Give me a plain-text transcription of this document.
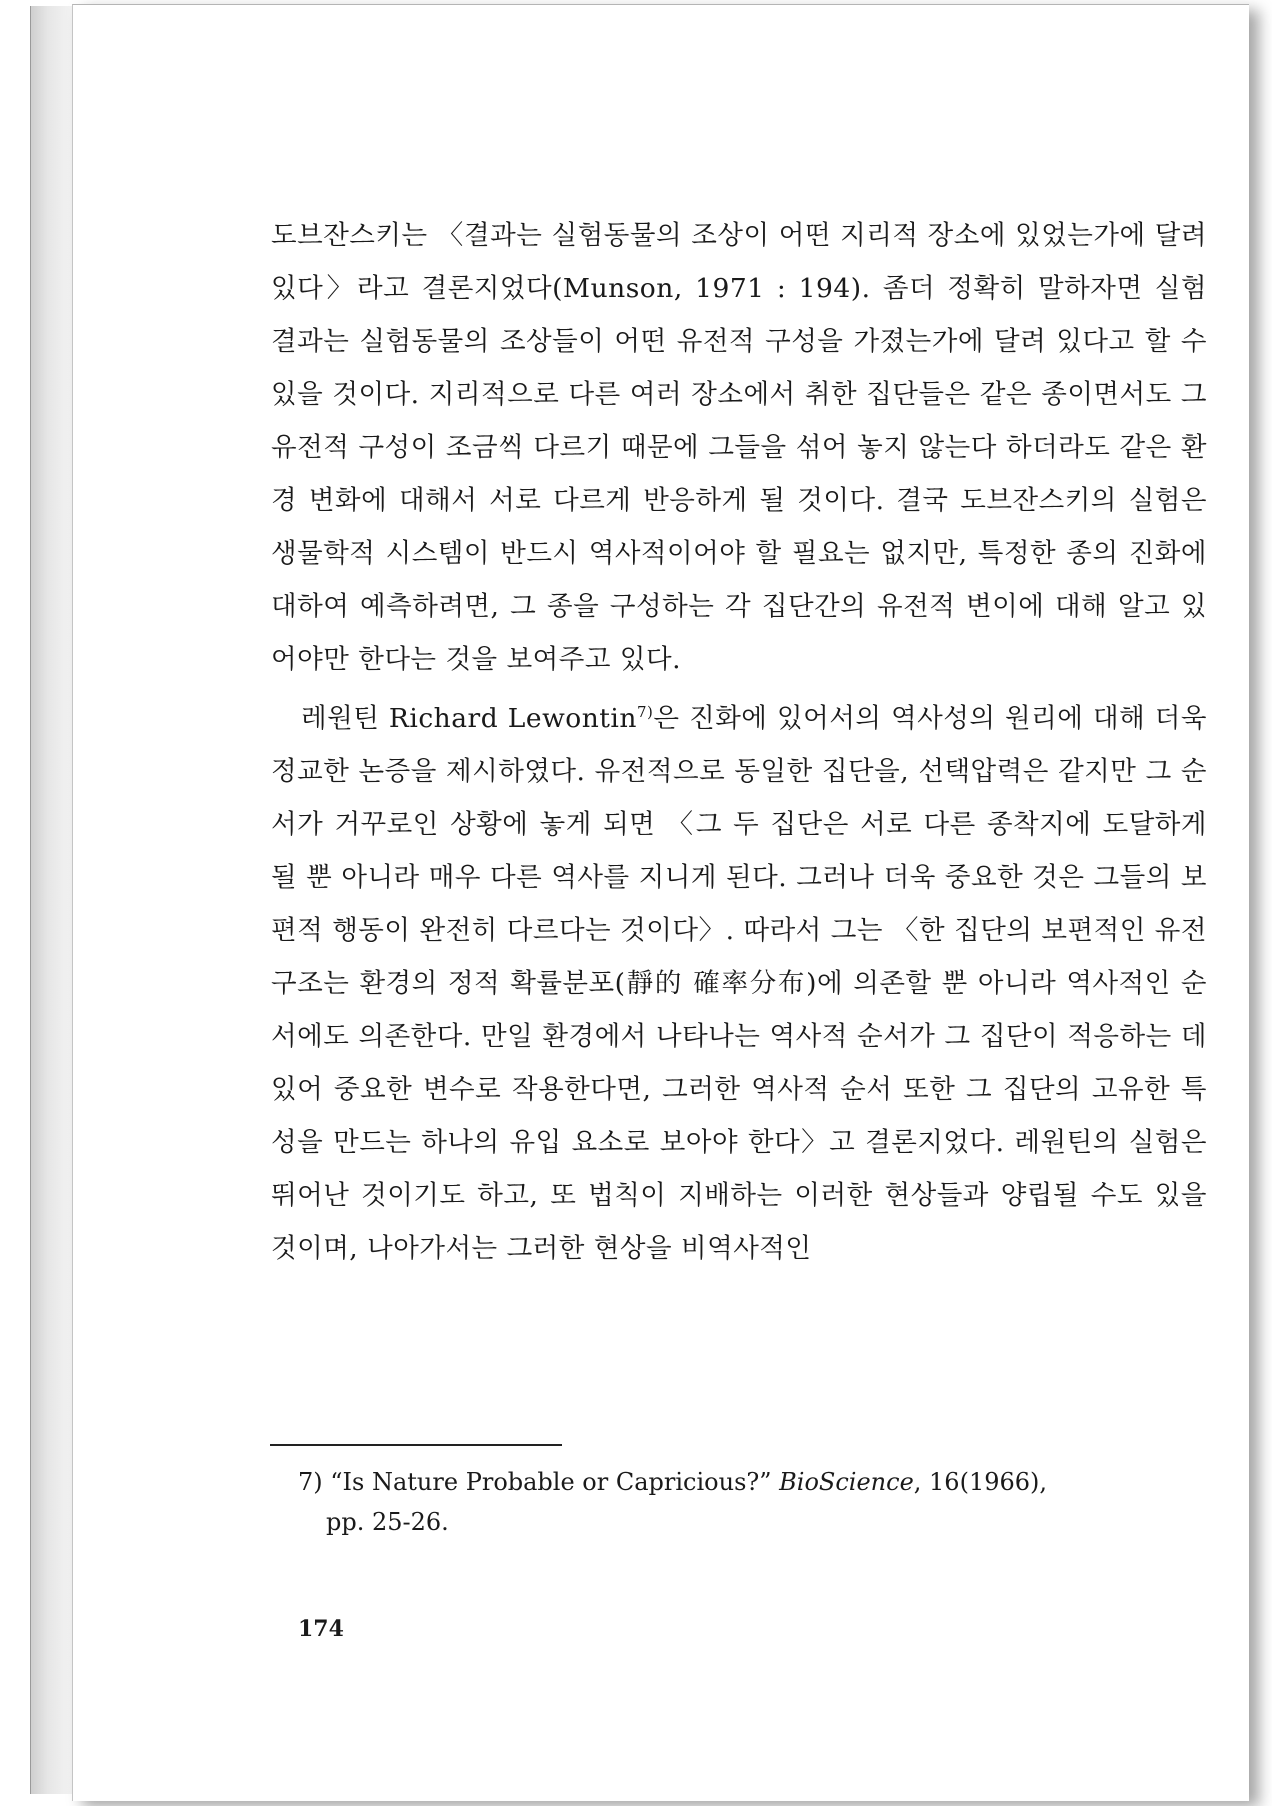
도브잔스키는 〈결과는 실험동물의 조상이 어떤 지리적 장소에 있었는가에 달려 있다〉라고 결론지었다(Munson, 1971 : 194). 좀더 정확히 말하자면 실험 결과는 실험동물의 조상들이 어떤 유전적 구성을 가졌는가에 달려 있다고 할 수 있을 것이다. 지리적으로 다른 여러 장소에서 취한 집단들은 같은 종이면서도 그 유전적 구성이 조금씩 다르기 때문에 그들을 섞어 놓지 않는다 하더라도 같은 환경 변화에 대해서 서로 다르게 반응하게 될 것이다. 결국 도브잔스키의 실험은 생물학적 시스템이 반드시 역사적이어야 할 필요는 없지만, 특정한 종의 진화에 대하여 예측하려면, 그 종을 구성하는 각 집단간의 유전적 변이에 대해 알고 있어야만 한다는 것을 보여주고 있다.

레원틴 Richard Lewontin$^{7)}$은 진화에 있어서의 역사성의 원리에 대해 더욱 정교한 논증을 제시하였다. 유전적으로 동일한 집단을, 선택압력은 같지만 그 순서가 거꾸로인 상황에 놓게 되면 〈그 두 집단은 서로 다른 종착지에 도달하게 될 뿐 아니라 매우 다른 역사를 지니게 된다. 그러나 더욱 중요한 것은 그들의 보편적 행동이 완전히 다르다는 것이다〉. 따라서 그는 〈한 집단의 보편적인 유전구조는 환경의 정적 확률분포(靜的 確率分布)에 의존할 뿐 아니라 역사적인 순서에도 의존한다. 만일 환경에서 나타나는 역사적 순서가 그 집단이 적응하는 데 있어 중요한 변수로 작용한다면, 그러한 역사적 순서 또한 그 집단의 고유한 특성을 만드는 하나의 유입 요소로 보아야 한다〉고 결론지었다. 레원틴의 실험은 뛰어난 것이기도 하고, 또 법칙이 지배하는 이러한 현상들과 양립될 수도 있을 것이며, 나아가서는 그러한 현상을 비역사적인

7) “Is Nature Probable or Capricious?” BioScience, 16(1966),

pp. 25-26.

174
